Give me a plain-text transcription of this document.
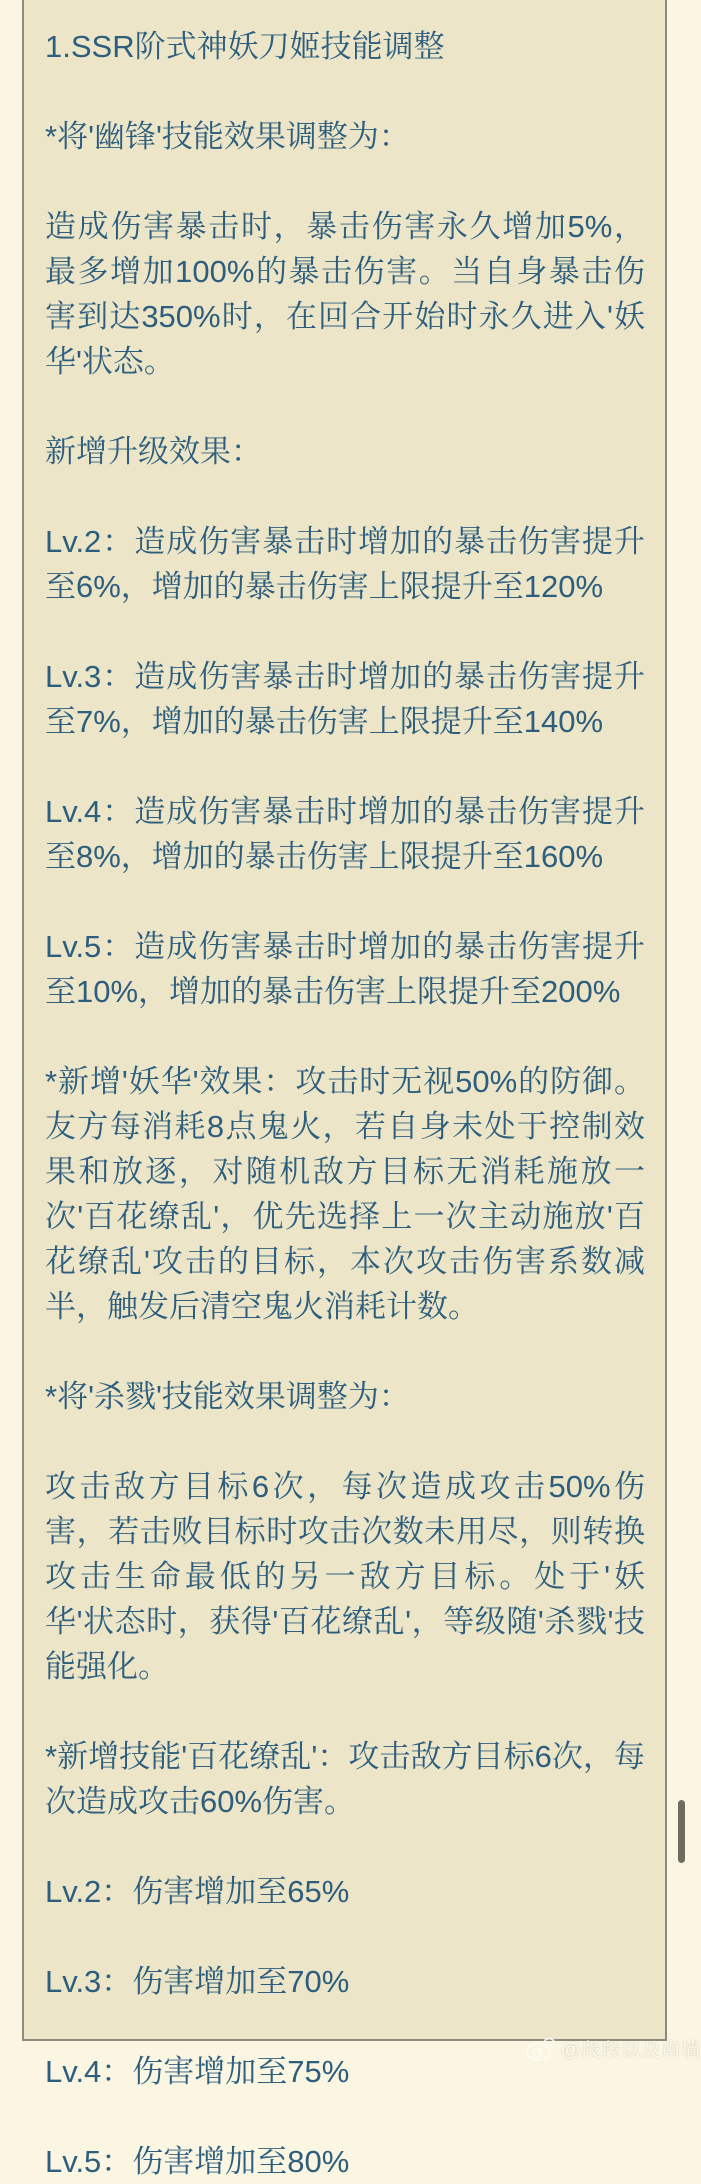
1.SSR阶式神妖刀姬技能调整

*将'幽锋'技能效果调整为：

造成伤害暴击时，暴击伤害永久增加5%，最多增加100%的暴击伤害。当自身暴击伤害到达350%时，在回合开始时永久进入'妖华'状态。

新增升级效果：

Lv.2：造成伤害暴击时增加的暴击伤害提升至6%，增加的暴击伤害上限提升至120%

Lv.3：造成伤害暴击时增加的暴击伤害提升至7%，增加的暴击伤害上限提升至140%

Lv.4：造成伤害暴击时增加的暴击伤害提升至8%，增加的暴击伤害上限提升至160%

Lv.5：造成伤害暴击时增加的暴击伤害提升至10%，增加的暴击伤害上限提升至200%

*新增'妖华'效果：攻击时无视50%的防御。友方每消耗8点鬼火，若自身未处于控制效果和放逐，对随机敌方目标无消耗施放一次'百花缭乱'，优先选择上一次主动施放'百花缭乱'攻击的目标，本次攻击伤害系数减半，触发后清空鬼火消耗计数。

*将'杀戮'技能效果调整为：

攻击敌方目标6次，每次造成攻击50%伤害，若击败目标时攻击次数未用尽，则转换攻击生命最低的另一敌方目标。处于'妖华'状态时，获得'百花缭乱'，等级随'杀戮'技能强化。

*新增技能'百花缭乱'：攻击敌方目标6次，每次造成攻击60%伤害。

Lv.2：伤害增加至65%

Lv.3：伤害增加至70%

Lv.4：伤害增加至75%

Lv.5：伤害增加至80%

@段段以及南墙
